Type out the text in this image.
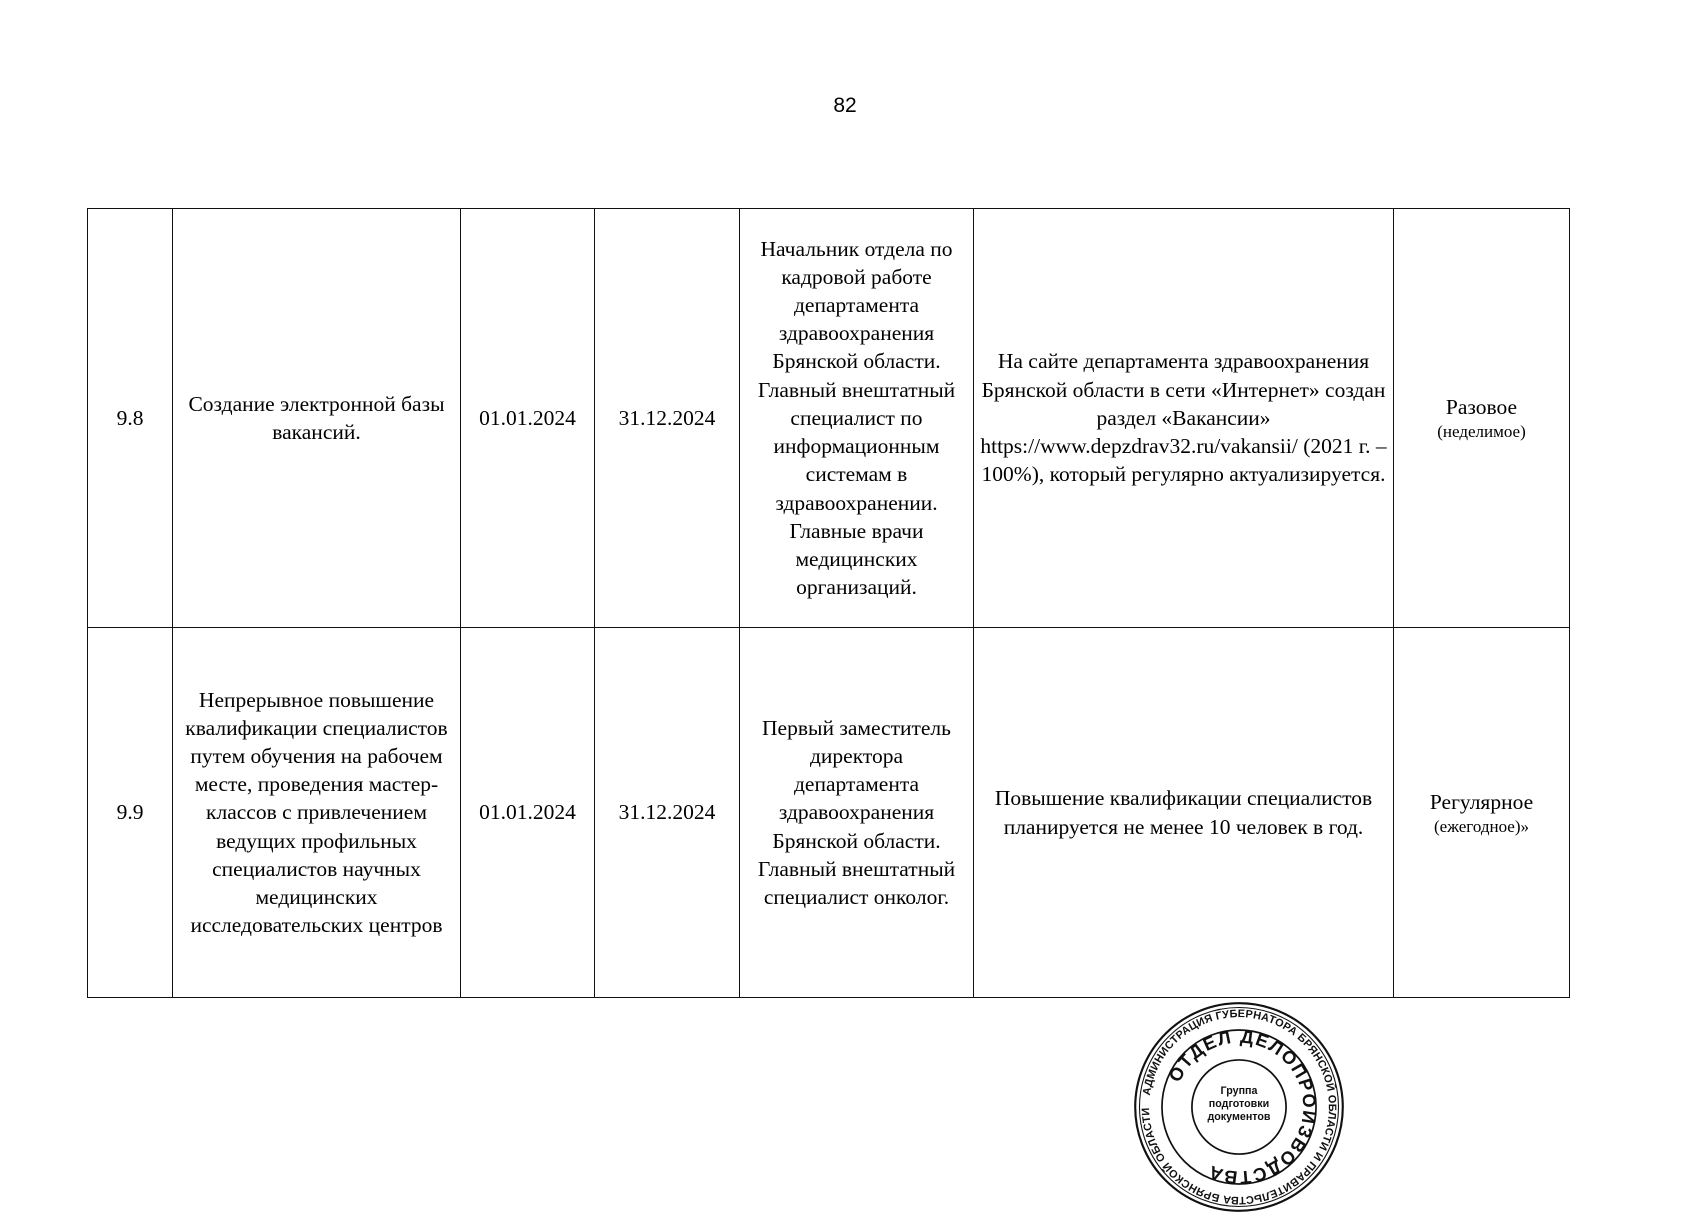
82
9.8	Создание электронной базы вакансий.	01.01.2024	31.12.2024	Начальник отдела по кадровой работе департамента здравоохранения Брянской области. Главный внештатный специалист по информационным системам в здравоохранении. Главные врачи медицинских организаций.	На сайте департамента здравоохранения Брянской области в сети «Интернет» создан раздел «Вакансии» https://www.depzdrav32.ru/vakansii/ (2021 г. – 100%), который регулярно актуализируется.	Разовое
(неделимое)

9.9	Непрерывное повышение квалификации специалистов путем обучения на рабочем месте, проведения мастер-классов с привлечением ведущих профильных специалистов научных медицинских исследовательских центров	01.01.2024	31.12.2024	Первый заместитель директора департамента здравоохранения Брянской области. Главный внештатный специалист онколог.	Повышение квалификации специалистов планируется не менее 10 человек в год.	Регулярное
(ежегодное)»
АДМИНИСТРАЦИЯ ГУБЕРНАТОРА БРЯНСКОЙ ОБЛАСТИ И ПРАВИТЕЛЬСТВА БРЯНСКОЙ ОБЛАСТИ
ОТДЕЛ ДЕЛОПРОИЗВОДСТВА
Группа подготовки документов
